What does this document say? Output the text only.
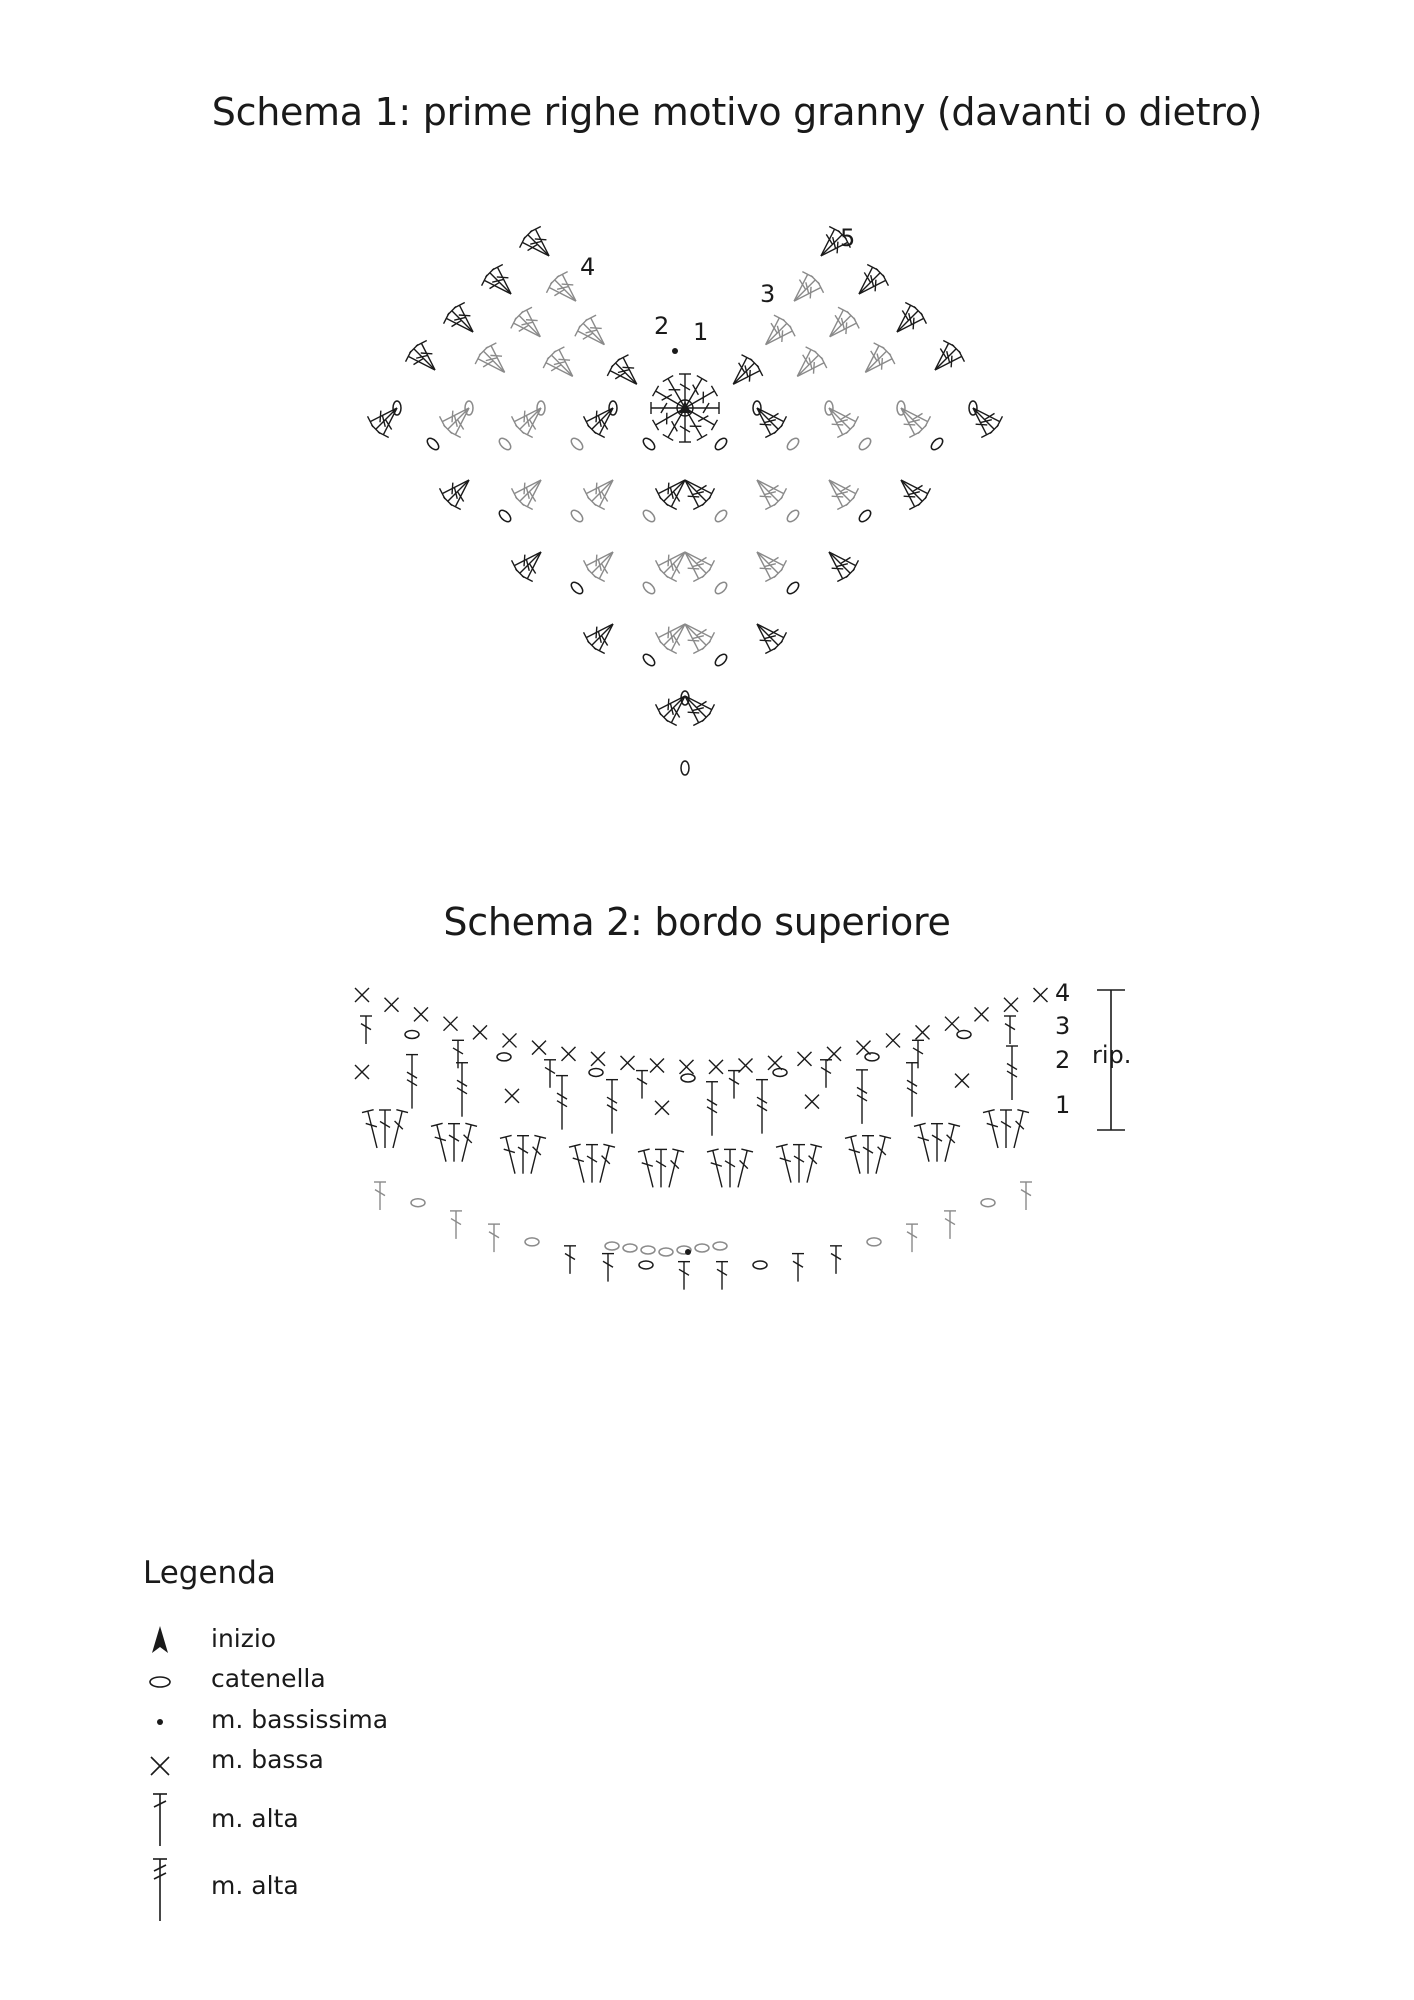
Schema 1: prime righe motivo granny (davanti o dietro)
Schema 2: bordo superiore
1
2
3
4
5
4
3
2
1
rip.
Legenda
inizio
catenella
m. bassissima
m. bassa
m. alta
m. alta
